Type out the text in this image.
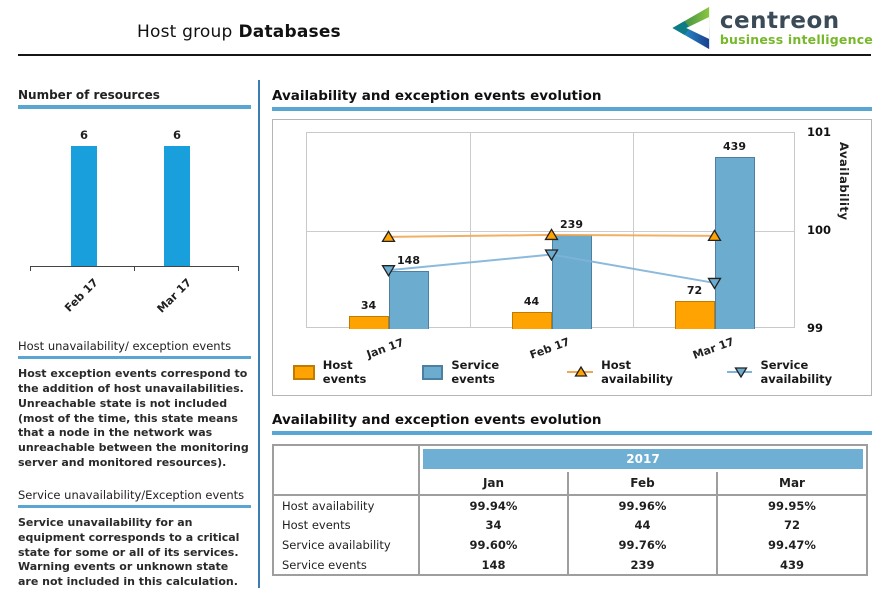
Host group Databases	centreon
business intelligence
Number of resources
6
Feb 17
6
Mar 17
Host unavailability/ exception events

Host exception events correspond to the addition of host unavailabilities. Unreachable state is not included (most of the time, this state means that a node in the network was unreachable between the monitoring server and monitored resources).

Service unavailability/Exception events

Service unavailability for an equipment corresponds to a critical state for some or all of its services. Warning events or unknown state are not included in this calculation.

Availability and exception events evolution
34
148
44
239
72
439
101
100
99
Availability
Jan 17	Feb 17	Mar 17
Host events
Service events
Host availability
Service availability
Availability and exception events evolution

	2017		

	Jan	Feb	Mar
Host availability	99.94%	99.96%	99.95%
Host events	34	44	72
Service availability	99.60%	99.76%	99.47%
Service events	148	239	439
